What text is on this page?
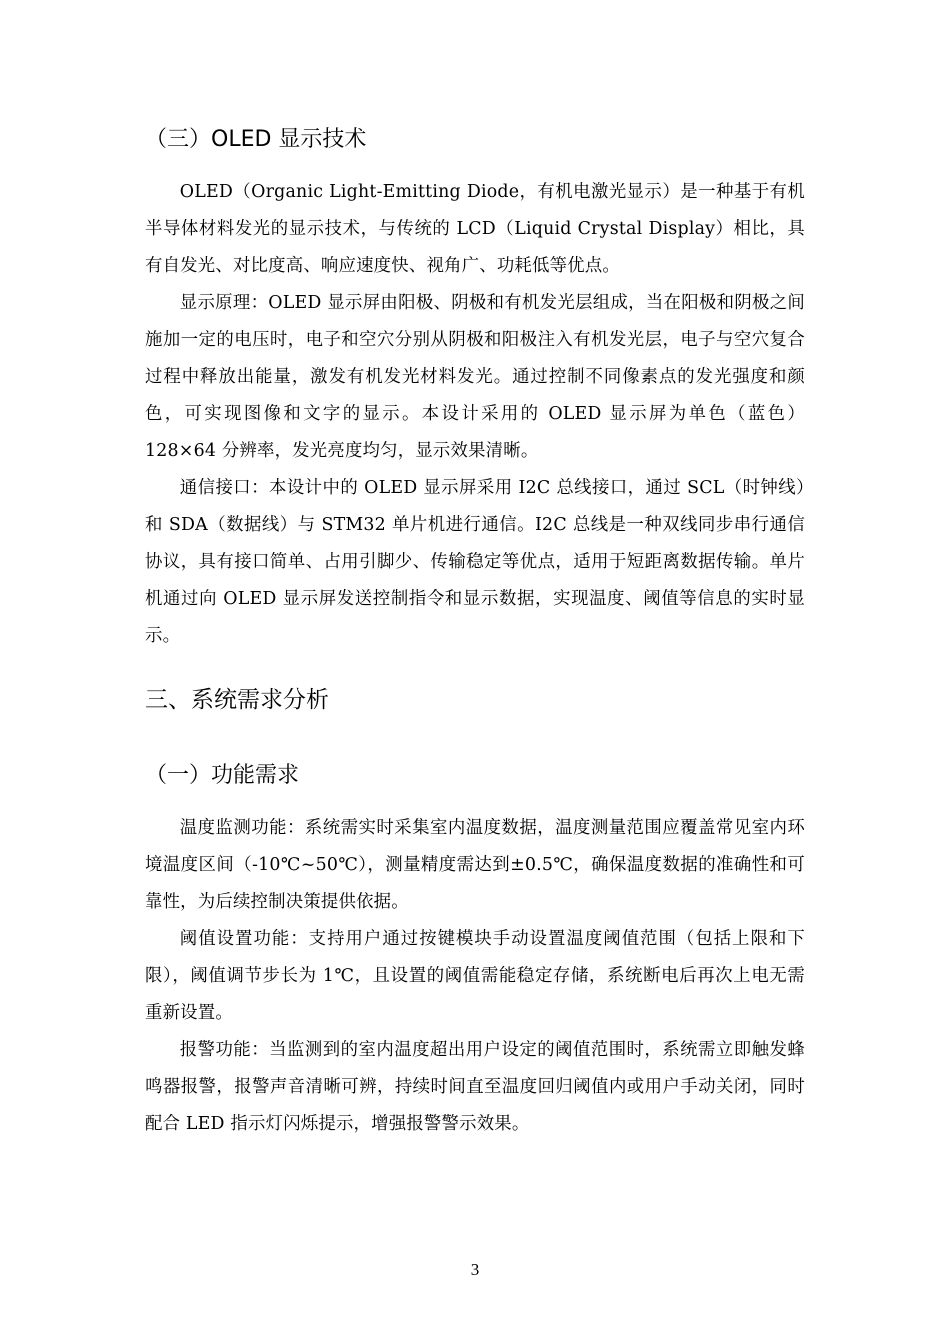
（三）OLED 显示技术

OLED（Organic Light-Emitting Diode，有机电激光显示）是一种基于有机半导体材料发光的显示技术，与传统的 LCD（Liquid Crystal Display）相比，具有自发光、对比度高、响应速度快、视角广、功耗低等优点。

显示原理：OLED 显示屏由阳极、阴极和有机发光层组成，当在阳极和阴极之间施加一定的电压时，电子和空穴分别从阴极和阳极注入有机发光层，电子与空穴复合过程中释放出能量，激发有机发光材料发光。通过控制不同像素点的发光强度和颜色，可实现图像和文字的显示。本设计采用的 OLED 显示屏为单色（蓝色）128×64 分辨率，发光亮度均匀，显示效果清晰。

通信接口：本设计中的 OLED 显示屏采用 I2C 总线接口，通过 SCL（时钟线）和 SDA（数据线）与 STM32 单片机进行通信。I2C 总线是一种双线同步串行通信协议，具有接口简单、占用引脚少、传输稳定等优点，适用于短距离数据传输。单片机通过向 OLED 显示屏发送控制指令和显示数据，实现温度、阈值等信息的实时显示。

三、系统需求分析
（一）功能需求

温度监测功能：系统需实时采集室内温度数据，温度测量范围应覆盖常见室内环境温度区间（-10℃~50℃），测量精度需达到±0.5℃，确保温度数据的准确性和可靠性，为后续控制决策提供依据。

阈值设置功能：支持用户通过按键模块手动设置温度阈值范围（包括上限和下限），阈值调节步长为 1℃，且设置的阈值需能稳定存储，系统断电后再次上电无需重新设置。

报警功能：当监测到的室内温度超出用户设定的阈值范围时，系统需立即触发蜂鸣器报警，报警声音清晰可辨，持续时间直至温度回归阈值内或用户手动关闭，同时配合 LED 指示灯闪烁提示，增强报警警示效果。

3
